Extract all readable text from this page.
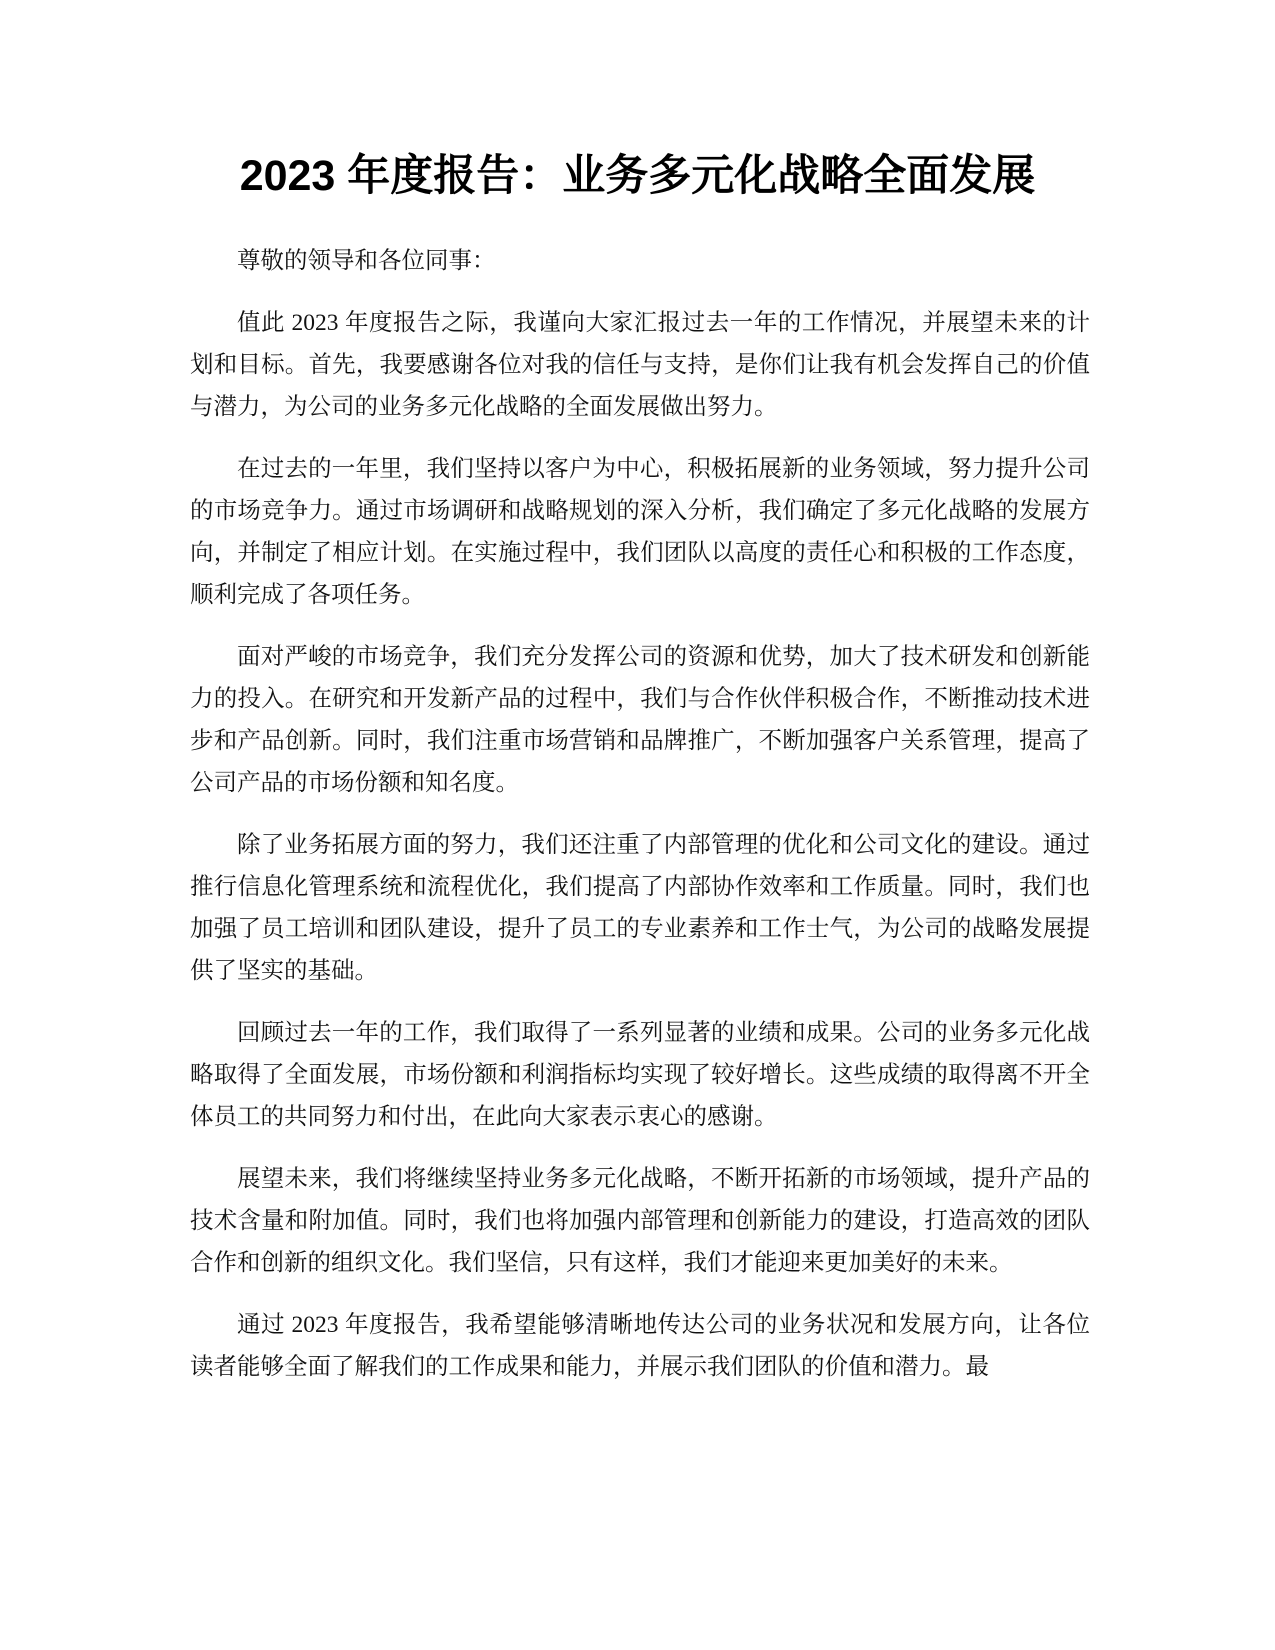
2023 年度报告：业务多元化战略全面发展

尊敬的领导和各位同事：

值此 2023 年度报告之际，我谨向大家汇报过去一年的工作情况，并展望未来的计划和目标。首先，我要感谢各位对我的信任与支持，是你们让我有机会发挥自己的价值与潜力，为公司的业务多元化战略的全面发展做出努力。

在过去的一年里，我们坚持以客户为中心，积极拓展新的业务领域，努力提升公司的市场竞争力。通过市场调研和战略规划的深入分析，我们确定了多元化战略的发展方向，并制定了相应计划。在实施过程中，我们团队以高度的责任心和积极的工作态度，顺利完成了各项任务。

面对严峻的市场竞争，我们充分发挥公司的资源和优势，加大了技术研发和创新能力的投入。在研究和开发新产品的过程中，我们与合作伙伴积极合作，不断推动技术进步和产品创新。同时，我们注重市场营销和品牌推广，不断加强客户关系管理，提高了公司产品的市场份额和知名度。

除了业务拓展方面的努力，我们还注重了内部管理的优化和公司文化的建设。通过推行信息化管理系统和流程优化，我们提高了内部协作效率和工作质量。同时，我们也加强了员工培训和团队建设，提升了员工的专业素养和工作士气，为公司的战略发展提供了坚实的基础。

回顾过去一年的工作，我们取得了一系列显著的业绩和成果。公司的业务多元化战略取得了全面发展，市场份额和利润指标均实现了较好增长。这些成绩的取得离不开全体员工的共同努力和付出，在此向大家表示衷心的感谢。

展望未来，我们将继续坚持业务多元化战略，不断开拓新的市场领域，提升产品的技术含量和附加值。同时，我们也将加强内部管理和创新能力的建设，打造高效的团队合作和创新的组织文化。我们坚信，只有这样，我们才能迎来更加美好的未来。

通过 2023 年度报告，我希望能够清晰地传达公司的业务状况和发展方向，让各位读者能够全面了解我们的工作成果和能力，并展示我们团队的价值和潜力。最
